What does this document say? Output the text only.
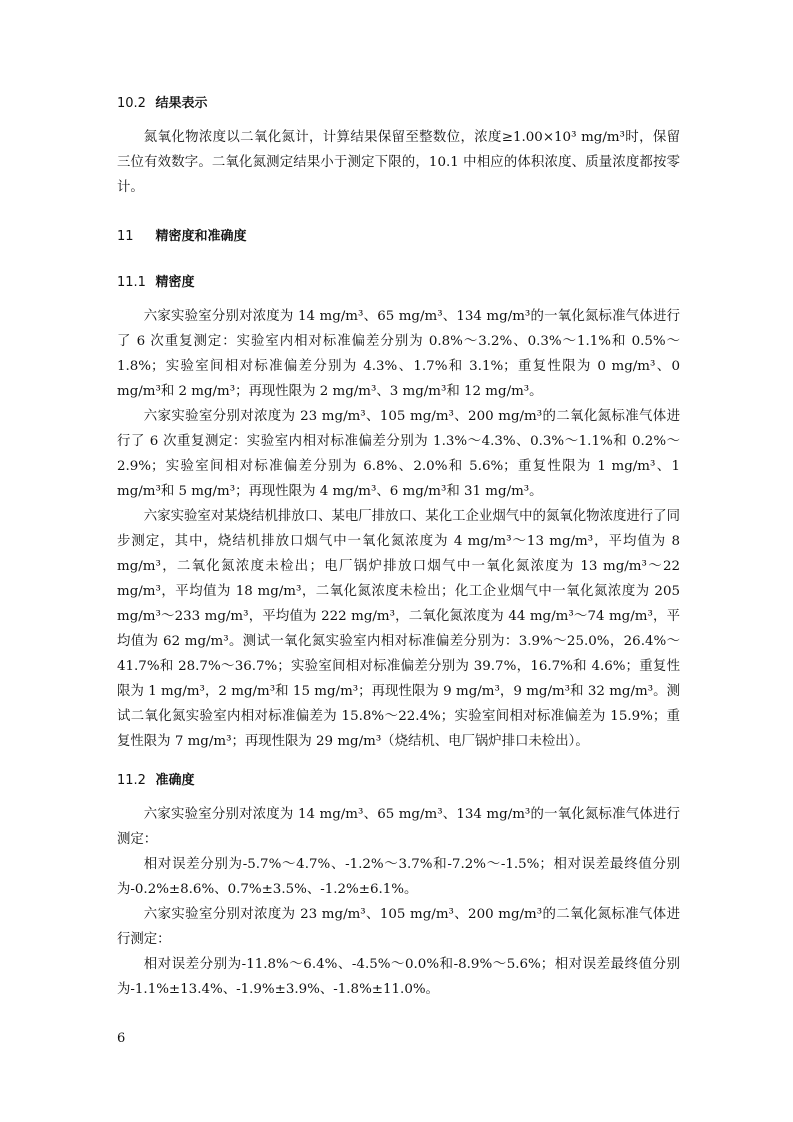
10.2 结果表示

氮氧化物浓度以二氧化氮计，计算结果保留至整数位，浓度≥1.00×10³ mg/m³时，保留三位有效数字。二氧化氮测定结果小于测定下限的，10.1 中相应的体积浓度、质量浓度都按零计。

11 精密度和准确度
11.1 精密度

六家实验室分别对浓度为 14 mg/m³、65 mg/m³、134 mg/m³的一氧化氮标准气体进行了 6 次重复测定：实验室内相对标准偏差分别为 0.8%～3.2%、0.3%～1.1%和 0.5%～1.8%；实验室间相对标准偏差分别为 4.3%、1.7%和 3.1%；重复性限为 0 mg/m³、0 mg/m³和 2 mg/m³；再现性限为 2 mg/m³、3 mg/m³和 12 mg/m³。

六家实验室分别对浓度为 23 mg/m³、105 mg/m³、200 mg/m³的二氧化氮标准气体进行了 6 次重复测定：实验室内相对标准偏差分别为 1.3%～4.3%、0.3%～1.1%和 0.2%～2.9%；实验室间相对标准偏差分别为 6.8%、2.0%和 5.6%；重复性限为 1 mg/m³、1 mg/m³和 5 mg/m³；再现性限为 4 mg/m³、6 mg/m³和 31 mg/m³。

六家实验室对某烧结机排放口、某电厂排放口、某化工企业烟气中的氮氧化物浓度进行了同步测定，其中，烧结机排放口烟气中一氧化氮浓度为 4 mg/m³～13 mg/m³，平均值为 8 mg/m³，二氧化氮浓度未检出；电厂锅炉排放口烟气中一氧化氮浓度为 13 mg/m³～22 mg/m³，平均值为 18 mg/m³，二氧化氮浓度未检出；化工企业烟气中一氧化氮浓度为 205 mg/m³～233 mg/m³，平均值为 222 mg/m³，二氧化氮浓度为 44 mg/m³～74 mg/m³，平均值为 62 mg/m³。测试一氧化氮实验室内相对标准偏差分别为：3.9%～25.0%，26.4%～41.7%和 28.7%～36.7%；实验室间相对标准偏差分别为 39.7%，16.7%和 4.6%；重复性限为 1 mg/m³，2 mg/m³和 15 mg/m³；再现性限为 9 mg/m³，9 mg/m³和 32 mg/m³。测试二氧化氮实验室内相对标准偏差为 15.8%～22.4%；实验室间相对标准偏差为 15.9%；重复性限为 7 mg/m³；再现性限为 29 mg/m³（烧结机、电厂锅炉排口未检出）。

11.2 准确度

六家实验室分别对浓度为 14 mg/m³、65 mg/m³、134 mg/m³的一氧化氮标准气体进行测定：

相对误差分别为-5.7%～4.7%、-1.2%～3.7%和-7.2%～-1.5%；相对误差最终值分别为-0.2%±8.6%、0.7%±3.5%、-1.2%±6.1%。

六家实验室分别对浓度为 23 mg/m³、105 mg/m³、200 mg/m³的二氧化氮标准气体进行测定：

相对误差分别为-11.8%～6.4%、-4.5%～0.0%和-8.9%～5.6%；相对误差最终值分别为-1.1%±13.4%、-1.9%±3.9%、-1.8%±11.0%。

6
